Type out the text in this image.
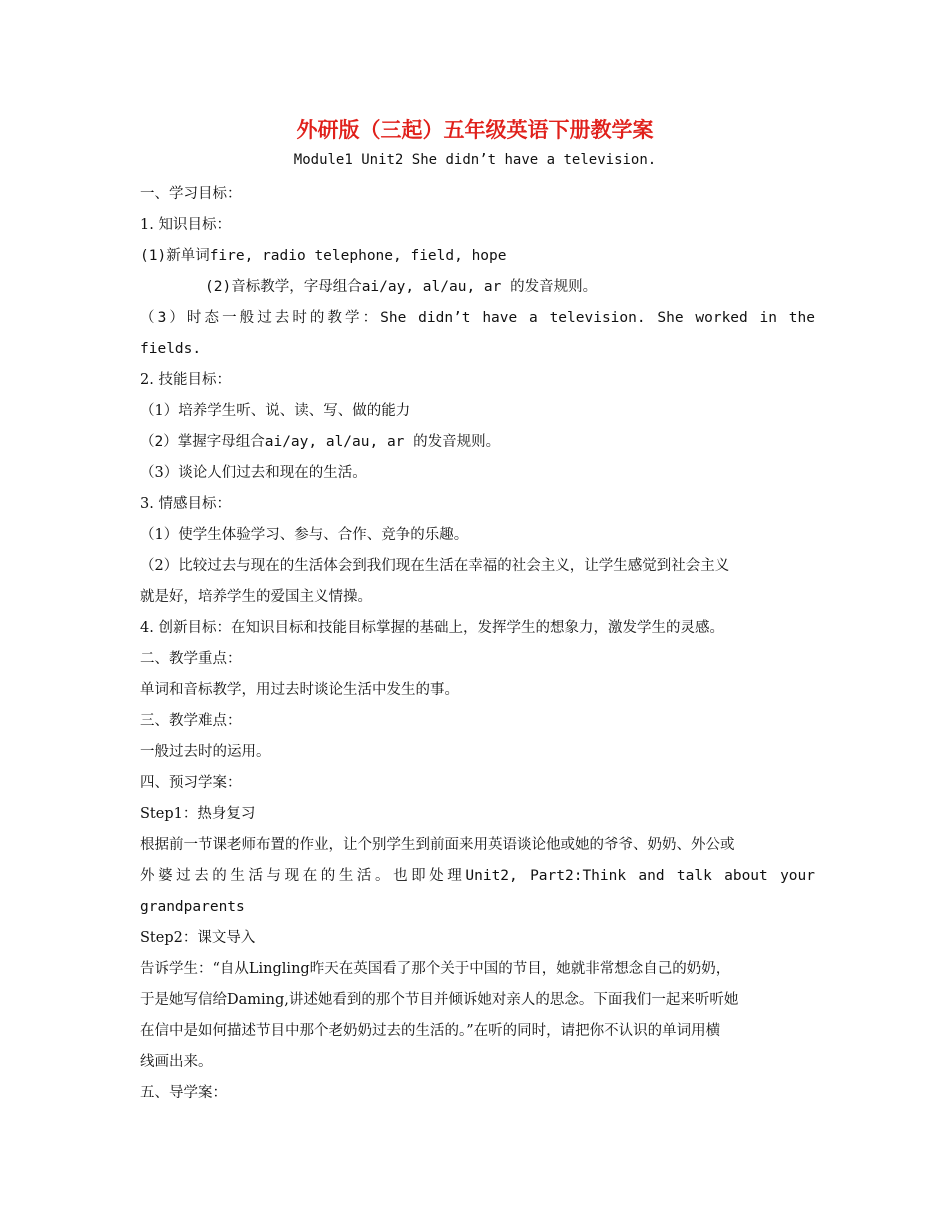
外研版（三起）五年级英语下册教学案
Module1 Unit2 She didn’t have a television.
一、学习目标：
1. 知识目标：
(1)新单词fire, radio telephone, field, hope
(2)音标教学，字母组合ai/ay, al/au, ar 的发音规则。
（3）时态一般过去时的教学：She didn’t have a television. She worked in the
fields.
2. 技能目标：
（1）培养学生听、说、读、写、做的能力
（2）掌握字母组合ai/ay, al/au, ar 的发音规则。
（3）谈论人们过去和现在的生活。
3. 情感目标：
（1）使学生体验学习、参与、合作、竞争的乐趣。
（2）比较过去与现在的生活体会到我们现在生活在幸福的社会主义，让学生感觉到社会主义
就是好，培养学生的爱国主义情操。
4. 创新目标：在知识目标和技能目标掌握的基础上，发挥学生的想象力，激发学生的灵感。
二、教学重点：
单词和音标教学，用过去时谈论生活中发生的事。
三、教学难点：
一般过去时的运用。
四、预习学案：
Step1：热身复习
根据前一节课老师布置的作业，让个别学生到前面来用英语谈论他或她的爷爷、奶奶、外公或
外婆过去的生活与现在的生活。也即处理Unit2, Part2:Think and talk about your
grandparents
Step2：课文导入
告诉学生：“自从Lingling昨天在英国看了那个关于中国的节目，她就非常想念自己的奶奶，
于是她写信给Daming,讲述她看到的那个节目并倾诉她对亲人的思念。下面我们一起来听听她
在信中是如何描述节目中那个老奶奶过去的生活的。”在听的同时，请把你不认识的单词用横
线画出来。
五、导学案：
